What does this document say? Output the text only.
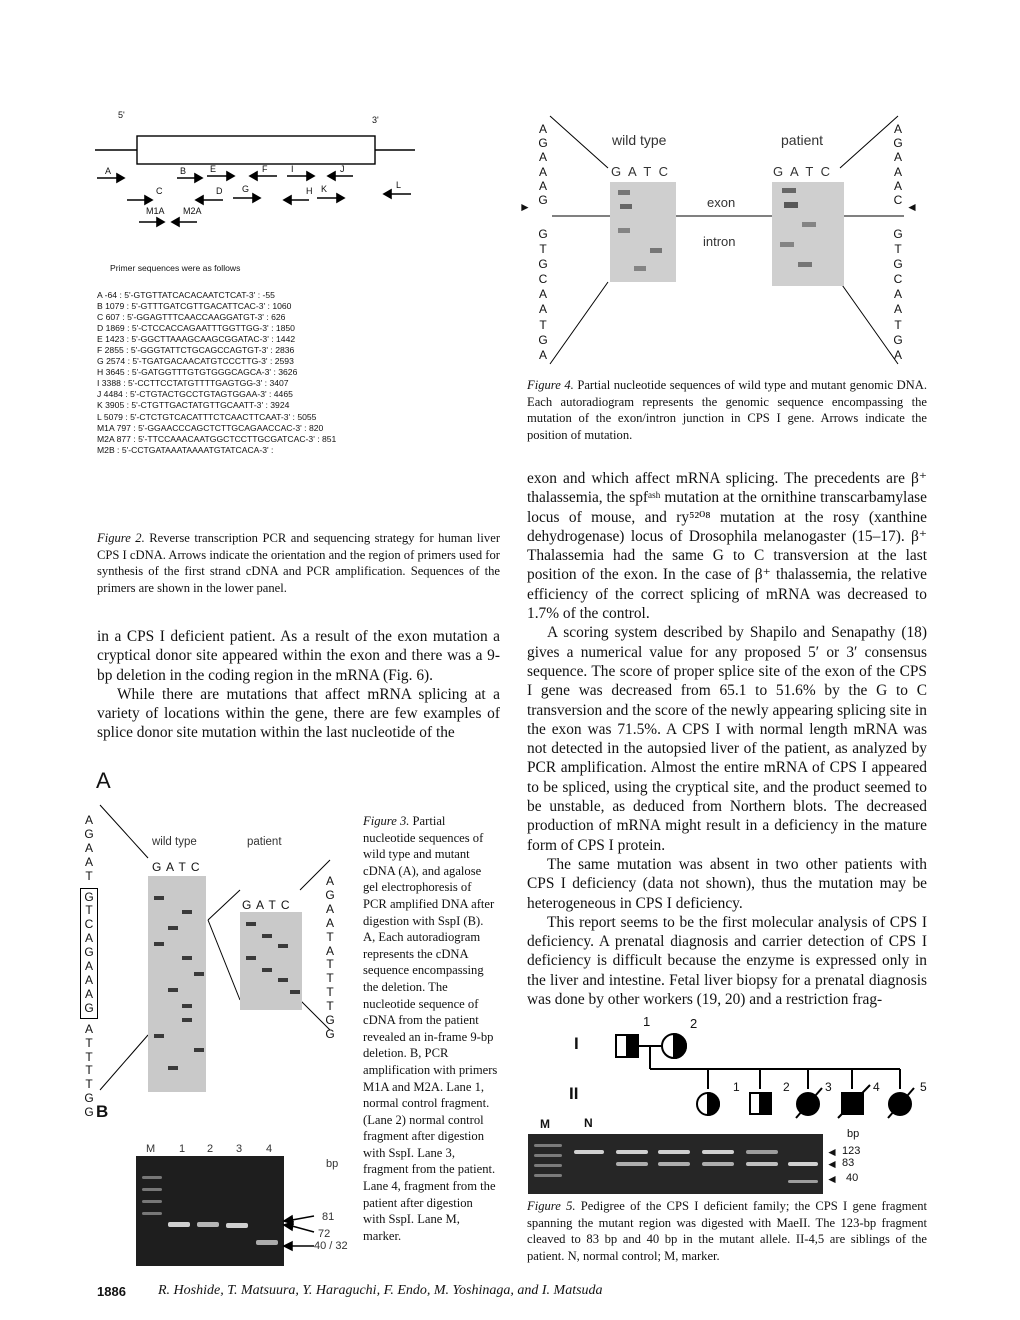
5'	3'
A	B	E	F	I	J
C	D G	H K	L
M1A M2A
Primer sequences were as follows
A -64 : 5'-GTGTTATCACACAATCTCAT-3' : -55
B 1079 : 5'-GTTTGATCGTTGACATTCAC-3' : 1060
C 607 : 5'-GGAGTTTCAACCAAGGATGT-3' : 626
D 1869 : 5'-CTCCACCAGAATTTGGTTGG-3' : 1850
E 1423 : 5'-GGCTTAAAGCAAGCGGATAC-3' : 1442
F 2855 : 5'-GGGTATTCTGCAGCCAGTGT-3' : 2836
G 2574 : 5'-TGATGACAACATGTCCCTTG-3' : 2593
H 3645 : 5'-GATGGTTTGTGTGGGCAGCA-3' : 3626
I 3388 : 5'-CCTTCCTATGTTTTGAGTGG-3' : 3407
J 4484 : 5'-CTGTACTGCCTGTAGTGGAA-3' : 4465
K 3905 : 5'-CTGTTGACTATGTTGCAATT-3' : 3924
L 5079 : 5'-CTCTGTCACATTTCTCAACTTCAAT-3' : 5055
M1A 797 : 5'-GGAACCCAGCTCTTGCAGAACCAC-3' : 820
M2A 877 : 5'-TTCCAAACAATGGCTCCTTGCGATCAC-3' : 851
M2B : 5'-CCTGATAAATAAAATGTATCACA-3' :
Figure 2. Reverse transcription PCR and sequencing strategy for human liver CPS I cDNA. Arrows indicate the orientation and the region of primers used for synthesis of the first strand cDNA and PCR amplification. Sequences of the primers are shown in the lower panel.

in a CPS I deficient patient. As a result of the exon mutation a cryptical donor site appeared within the exon and there was a 9-bp deletion in the coding region in the mRNA (Fig. 6).

While there are mutations that affect mRNA splicing at a variety of locations within the gene, there are few examples of splice donor site mutation within the last nucleotide of the

A
A
G
A
A
T
G
T
C
A
G
A
A
A
G
A
T
T
T
T
G
G
wild type	patient
G A T C
G A T C
A
G
A
A
T
A
T
T
T
T
G
G
B
M 1 2 3 4
bp
81
72
40 / 32
Figure 3. Partial nucleotide sequences of wild type and mutant cDNA (A), and agalose gel electrophoresis of PCR amplified DNA after digestion with SspI (B). A, Each autoradiogram represents the cDNA sequence encompassing the deletion. The nucleotide sequence of cDNA from the patient revealed an in-frame 9-bp deletion. B, PCR amplification with primers M1A and M2A. Lane 1, normal control fragment. (Lane 2) normal control fragment after digestion with SspI. Lane 3, fragment from the patient. Lane 4, fragment from the patient after digestion with SspI. Lane M, marker.
A
G
A
A
A
G
►
G
T
G
C
A
A
T
G
A
wild type	patient
G A T C	G A T C
exon
intron
A
G
A
A
A
C ◄
G
T
G
C
A
A
T
G
A
Figure 4. Partial nucleotide sequences of wild type and mutant genomic DNA. Each autoradiogram represents the genomic sequence encompassing the mutation of the exon/intron junction in CPS I gene. Arrows indicate the position of mutation.

exon and which affect mRNA splicing. The precedents are β⁺ thalassemia, the spfᵃˢʰ mutation at the ornithine transcarbamylase locus of mouse, and ry⁵²⁰⁸ mutation at the rosy (xanthine dehydrogenase) locus of Drosophila melanogaster (15–17). β⁺ Thalassemia had the same G to C transversion at the last position of the exon. In the case of β⁺ thalassemia, the relative efficiency of the correct splicing of mRNA was decreased to 1.7% of the control.

A scoring system described by Shapilo and Senapathy (18) gives a numerical value for any proposed 5′ or 3′ consensus sequence. The score of proper splice site of the exon of the CPS I gene was decreased from 65.1 to 51.6% by the G to C transversion and the score of the newly appearing splicing site in the exon was 71.5%. A CPS I with normal length mRNA was not detected in the autopsied liver of the patient, as analyzed by PCR amplification. Almost the entire mRNA of CPS I appeared to be spliced, using the cryptical site, and the product seemed to be unstable, as deduced from Northern blots. The decreased production of mRNA might result in a deficiency in the mature form of CPS I protein.

The same mutation was absent in two other patients with CPS I deficiency (data not shown), thus the mutation may be heterogeneous in CPS I deficiency.

This report seems to be the first molecular analysis of CPS I deficiency. A prenatal diagnosis and carrier detection of CPS I deficiency is difficult because the enzyme is expressed only in the liver and intestine. Fetal liver biopsy for a prenatal diagnosis was done by other workers (19, 20) and a restriction frag-

I
II
1	2
1	2	3	4	5
M	N
bp
◄ 123
◄ 83
◄ 40
Figure 5. Pedigree of the CPS I deficient family; the CPS I gene fragment spanning the mutant region was digested with MaeII. The 123-bp fragment cleaved to 83 bp and 40 bp in the mutant allele. II-4,5 are siblings of the patient. N, normal control; M, marker.
1886 R. Hoshide, T. Matsuura, Y. Haraguchi, F. Endo, M. Yoshinaga, and I. Matsuda
